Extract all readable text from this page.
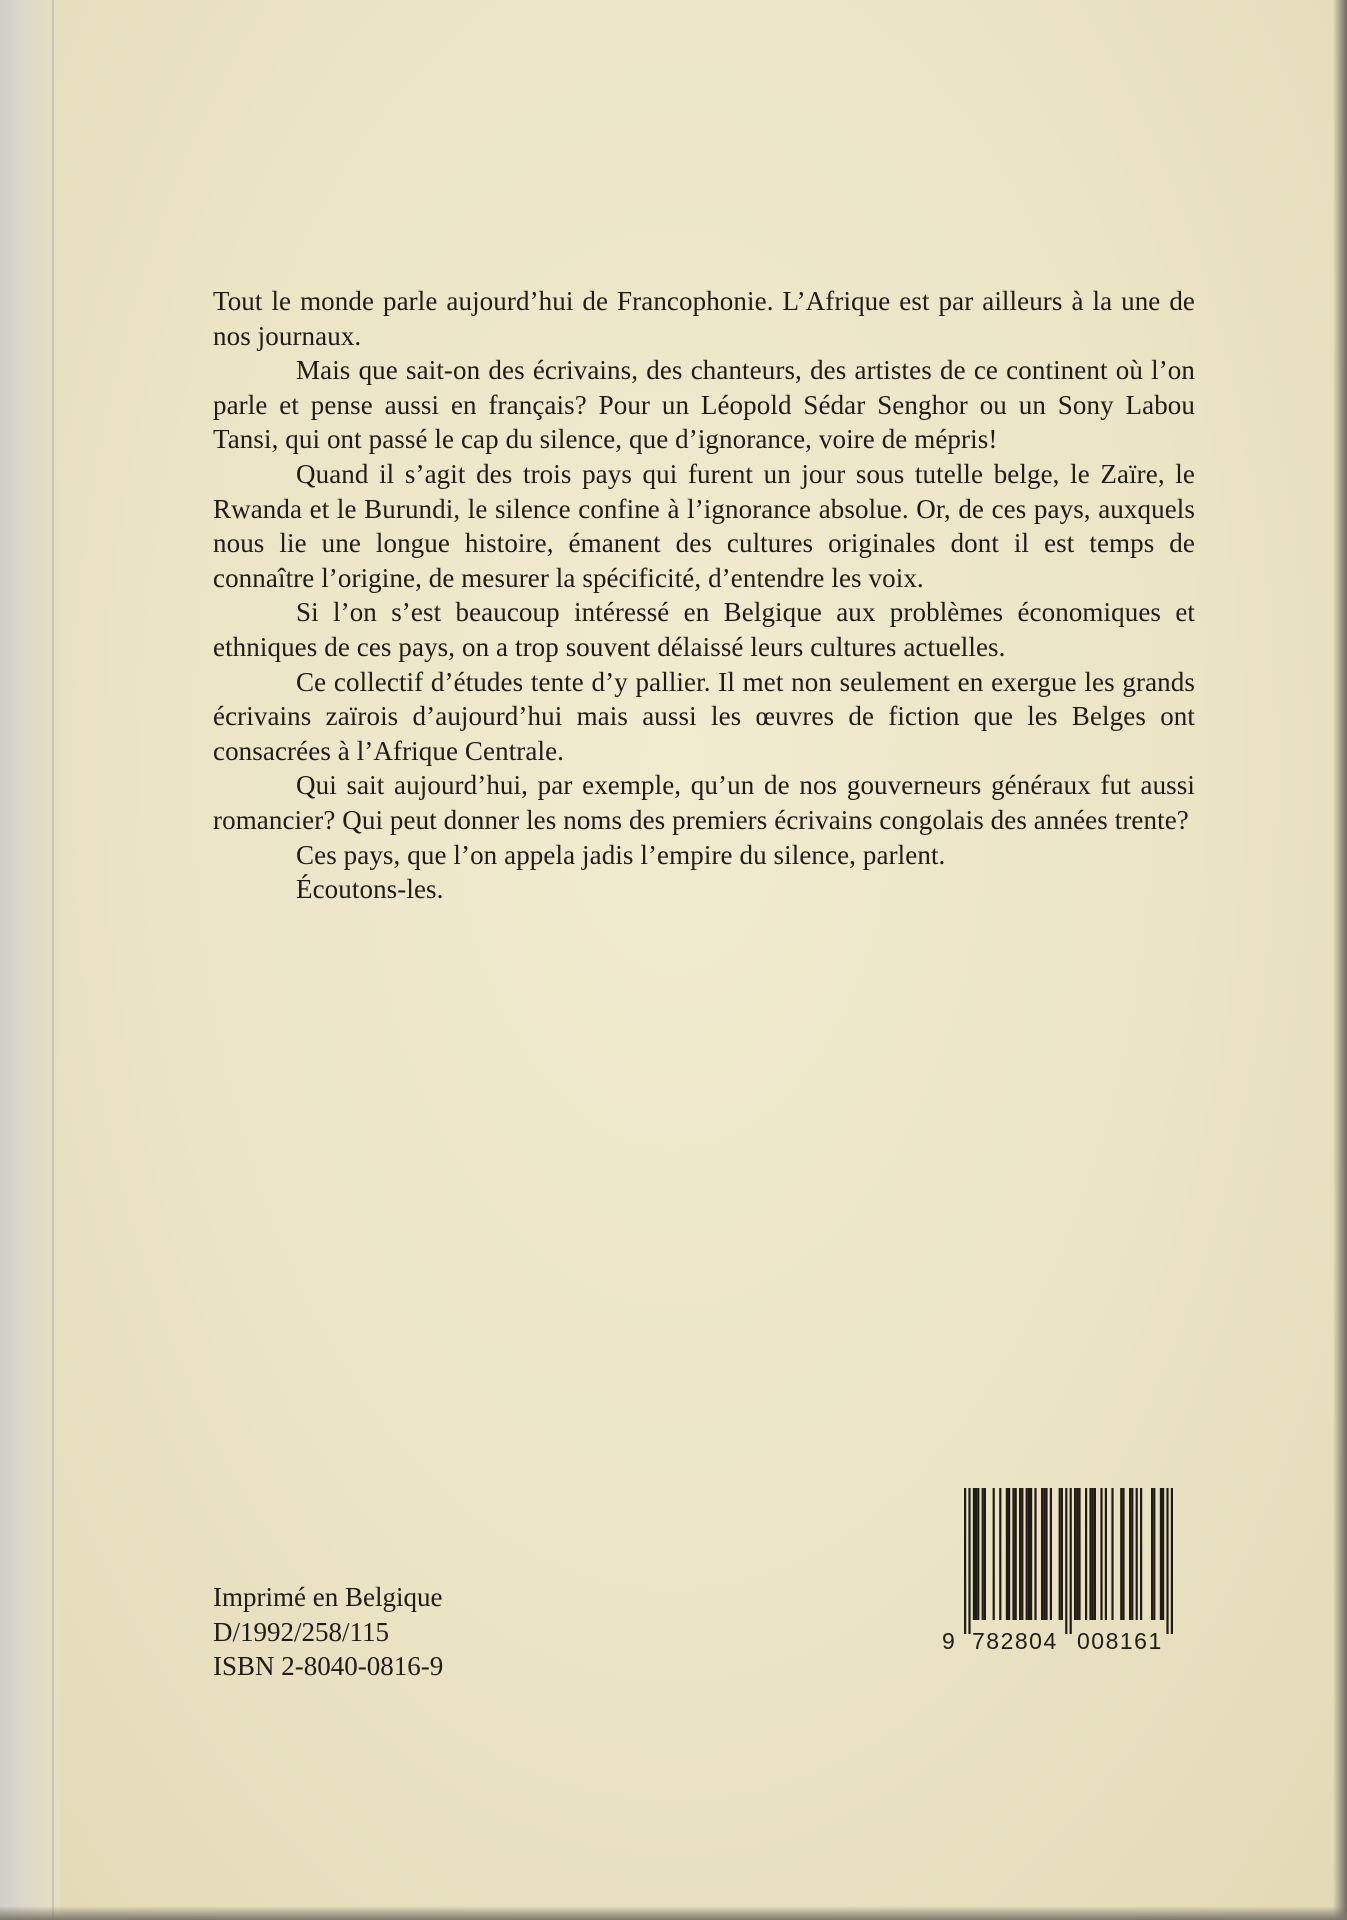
Tout le monde parle aujourd’hui de Francophonie. L’Afrique est par ailleurs à la une de nos journaux.

Mais que sait-on des écrivains, des chanteurs, des artistes de ce continent où l’on parle et pense aussi en français? Pour un Léopold Sédar Senghor ou un Sony Labou Tansi, qui ont passé le cap du silence, que d’ignorance, voire de mépris!

Quand il s’agit des trois pays qui furent un jour sous tutelle belge, le Zaïre, le Rwanda et le Burundi, le silence confine à l’ignorance absolue. Or, de ces pays, auxquels nous lie une longue histoire, émanent des cultures originales dont il est temps de connaître l’origine, de mesurer la spécificité, d’entendre les voix.

Si l’on s’est beaucoup intéressé en Belgique aux problèmes économiques et ethniques de ces pays, on a trop souvent délaissé leurs cultures actuelles.

Ce collectif d’études tente d’y pallier. Il met non seulement en exergue les grands écrivains zaïrois d’aujourd’hui mais aussi les œuvres de fiction que les Belges ont consacrées à l’Afrique Centrale.

Qui sait aujourd’hui, par exemple, qu’un de nos gouverneurs généraux fut aussi romancier? Qui peut donner les noms des premiers écrivains congolais des années trente?

Ces pays, que l’on appela jadis l’empire du silence, parlent.

Écoutons-les.

Imprimé en Belgique
D/1992/258/115
ISBN 2-8040-0816-9
9 782804 008161
